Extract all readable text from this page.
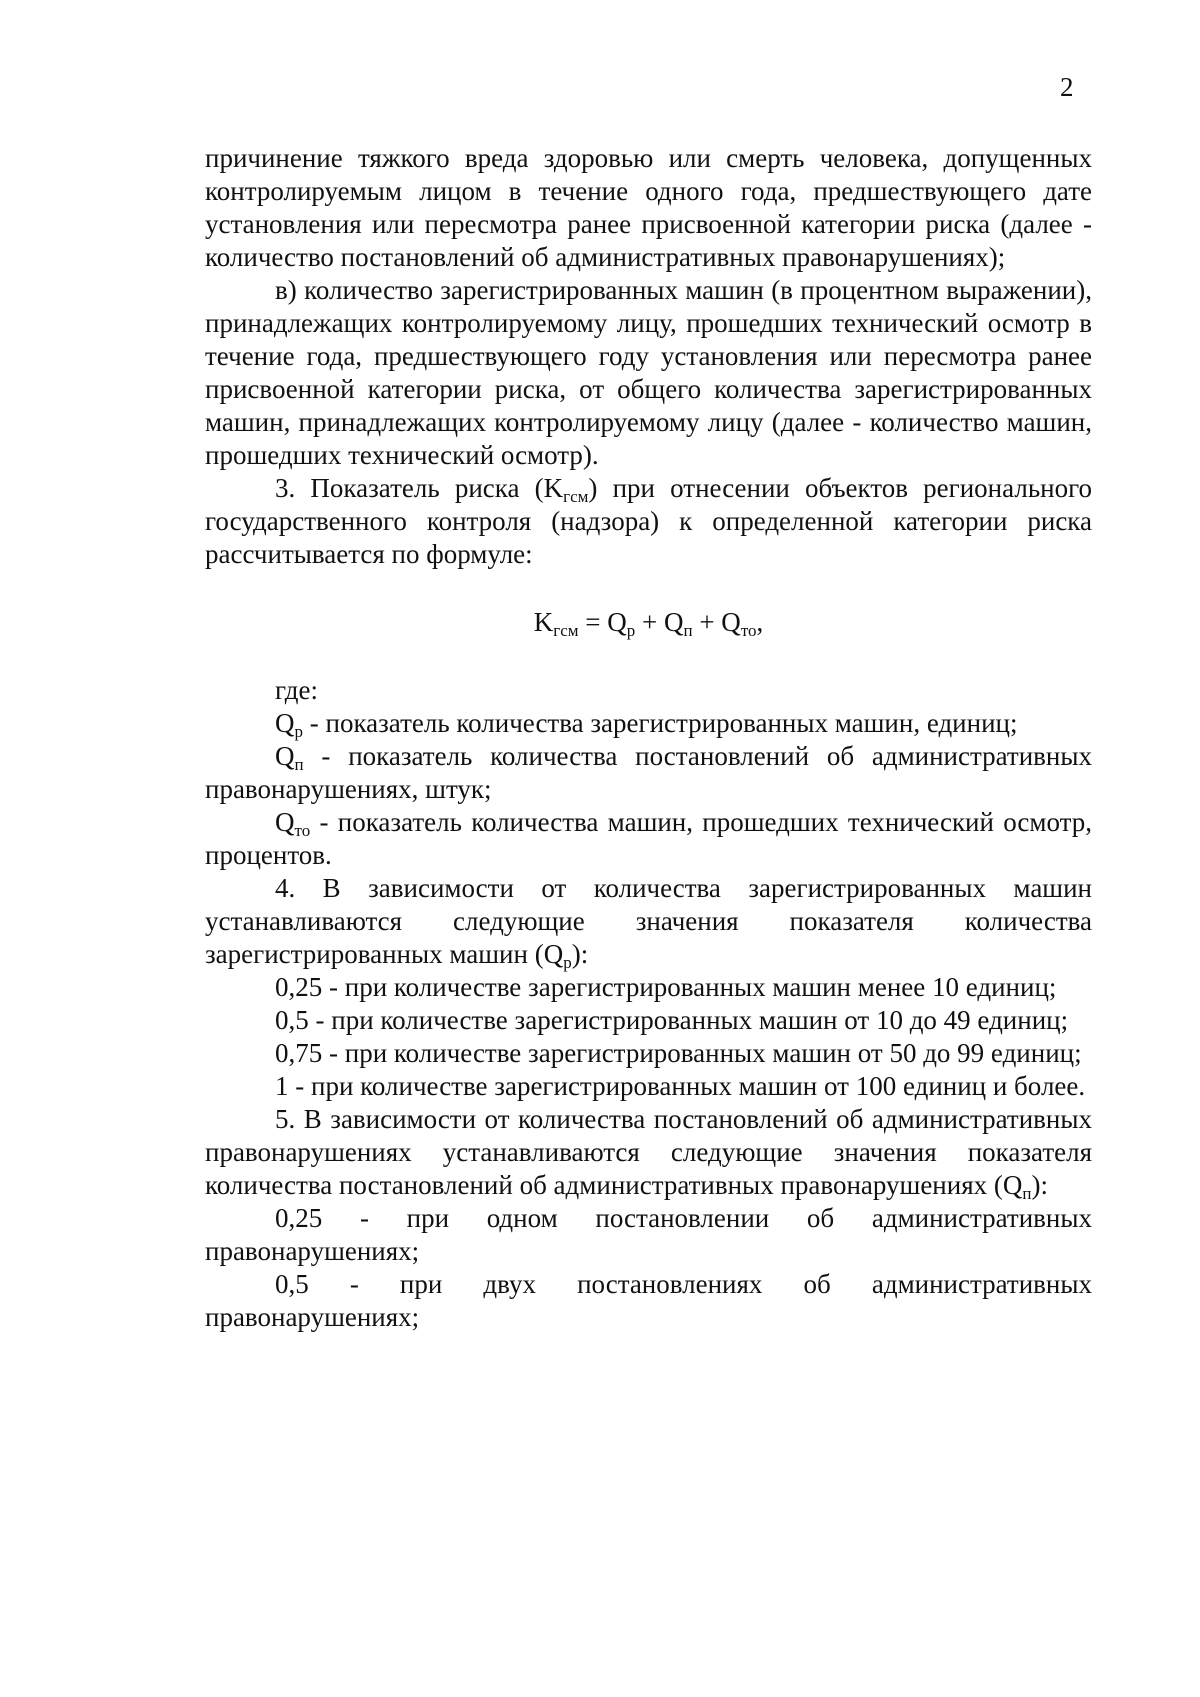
2

причинение тяжкого вреда здоровью или смерть человека, допущенных контролируемым лицом в течение одного года, предшествующего дате установления или пересмотра ранее присвоенной категории риска (далее - количество постановлений об административных правонарушениях);

в) количество зарегистрированных машин (в процентном выражении), принадлежащих контролируемому лицу, прошедших технический осмотр в течение года, предшествующего году установления или пересмотра ранее присвоенной категории риска, от общего количества зарегистрированных машин, принадлежащих контролируемому лицу (далее - количество машин, прошедших технический осмотр).

3. Показатель риска $(K_{гсм})$ при отнесении объектов регионального государственного контроля (надзора) к определенной категории риска рассчитывается по формуле:

$K_{гсм} = Q_р + Q_п + Q_{то}$,

где:

$Q_р$ - показатель количества зарегистрированных машин, единиц;

$Q_п$ - показатель количества постановлений об административных правонарушениях, штук;

$Q_{то}$ - показатель количества машин, прошедших технический осмотр, процентов.

4. В зависимости от количества зарегистрированных машин устанавливаются следующие значения показателя количества зарегистрированных машин $(Q_р)$:

0,25 - при количестве зарегистрированных машин менее 10 единиц;

0,5 - при количестве зарегистрированных машин от 10 до 49 единиц;

0,75 - при количестве зарегистрированных машин от 50 до 99 единиц;

1 - при количестве зарегистрированных машин от 100 единиц и более.

5. В зависимости от количества постановлений об административных правонарушениях устанавливаются следующие значения показателя количества постановлений об административных правонарушениях $(Q_п)$:

0,25 - при одном постановлении об административных правонарушениях;

0,5 - при двух постановлениях об административных правонарушениях;
